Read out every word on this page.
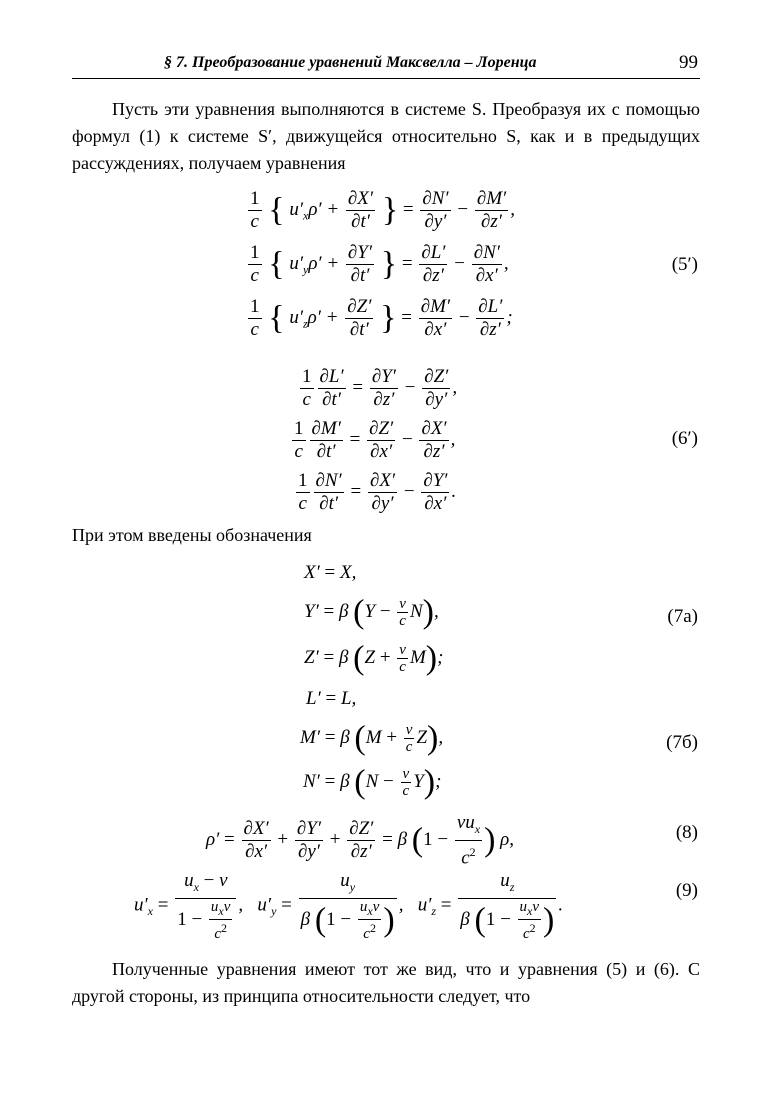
§ 7. Преобразование уравнений Максвелла – Лоренца	99
Пусть эти уравнения выполняются в системе S. Преобразуя их с помощью формул (1) к системе S′, движущейся относительно S, как и в предыдущих рассуждениях, получаем уравнения
$\frac{1}{c}$ { $u'_x\rho' + \frac{\partial X'}{\partial t'}$ } = $\frac{\partial N'}{\partial y'} - \frac{\partial M'}{\partial z'}$ ,
$\frac{1}{c}$ { $u'_y\rho' + \frac{\partial Y'}{\partial t'}$ } = $\frac{\partial L'}{\partial z'} - \frac{\partial N'}{\partial x'}$ ,
$\frac{1}{c}$ { $u'_z\rho' + \frac{\partial Z'}{\partial t'}$ } = $\frac{\partial M'}{\partial x'} - \frac{\partial L'}{\partial z'}$ ;
(5′)
$\frac{1}{c} \frac{\partial L'}{\partial t'} = \frac{\partial Y'}{\partial z'} - \frac{\partial Z'}{\partial y'}$ ,
$\frac{1}{c} \frac{\partial M'}{\partial t'} = \frac{\partial Z'}{\partial x'} - \frac{\partial X'}{\partial z'}$ ,
$\frac{1}{c} \frac{\partial N'}{\partial t'} = \frac{\partial X'}{\partial y'} - \frac{\partial Y'}{\partial x'}$ .
(6′)
При этом введены обозначения
X′ = X,
Y′ = β $(Y - \frac{v}{c} N)$,
Z′ = β $(Z + \frac{v}{c} M)$;
(7а)
L′ = L,
M′ = β $(M + \frac{v}{c} Z)$,
N′ = β $(N - \frac{v}{c} Y)$;
(7б)
$\rho' = \frac{\partial X'}{\partial x'} + \frac{\partial Y'}{\partial y'} + \frac{\partial Z'}{\partial z'} = \beta$ ($1 - \frac{vu_x}{c^2}$ ) ρ,	(8)
$u'_x = \frac{u_x - v}{1 - \frac{u_xv}{c^2}}$ ,   $u'_y = \frac{u_y}{\beta (1 - \frac{u_xv}{c^2} )}$ ,   $u'_z = \frac{u_z}{\beta (1 - \frac{u_xv}{c^2} )}$ .
(9)
Полученные уравнения имеют тот же вид, что и уравнения (5) и (6). С другой стороны, из принципа относительности следует, что
